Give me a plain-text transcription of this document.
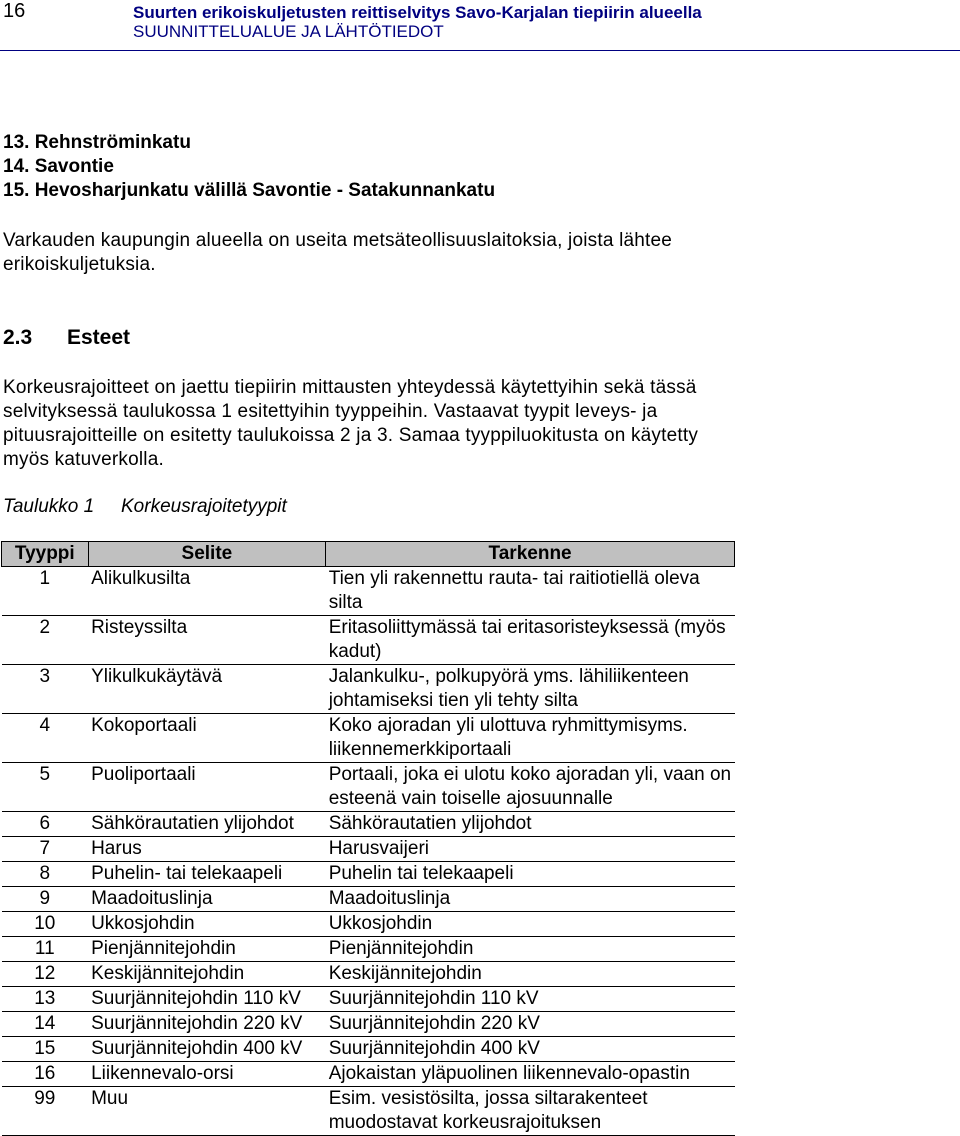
16	Suurten erikoiskuljetusten reittiselvitys Savo-Karjalan tiepiirin alueella
SUUNNITTELUALUE JA LÄHTÖTIEDOT
13. Rehnströminkatu
14. Savontie
15. Hevosharjunkatu välillä Savontie - Satakunnankatu

Varkauden kaupungin alueella on useita metsäteollisuuslaitoksia, joista lähtee erikoiskuljetuksia.

2.3 Esteet

Korkeusrajoitteet on jaettu tiepiirin mittausten yhteydessä käytettyihin sekä tässä selvityksessä taulukossa 1 esitettyihin tyyppeihin. Vastaavat tyypit leveys- ja pituusrajoitteille on esitetty taulukoissa 2 ja 3. Samaa tyyppiluokitusta on käytetty myös katuverkolla.

Taulukko 1 Korkeusrajoitetyypit
Tyyppi	Selite	Tarkenne
1	Alikulkusilta	Tien yli rakennettu rauta- tai raitiotiellä oleva silta
2	Risteyssilta	Eritasoliittymässä tai eritasoristeyksessä (myös kadut)
3	Ylikulkukäytävä	Jalankulku-, polkupyörä yms. lähiliikenteen johtamiseksi tien yli tehty silta
4	Kokoportaali	Koko ajoradan yli ulottuva ryhmittymisyms. liikennemerkkiportaali
5	Puoliportaali	Portaali, joka ei ulotu koko ajoradan yli, vaan on esteenä vain toiselle ajosuunnalle
6	Sähkörautatien ylijohdot	Sähkörautatien ylijohdot
7	Harus	Harusvaijeri
8	Puhelin- tai telekaapeli	Puhelin tai telekaapeli
9	Maadoituslinja	Maadoituslinja
10	Ukkosjohdin	Ukkosjohdin
11	Pienjännitejohdin	Pienjännitejohdin
12	Keskijännitejohdin	Keskijännitejohdin
13	Suurjännitejohdin 110 kV	Suurjännitejohdin 110 kV
14	Suurjännitejohdin 220 kV	Suurjännitejohdin 220 kV
15	Suurjännitejohdin 400 kV	Suurjännitejohdin 400 kV
16	Liikennevalo-orsi	Ajokaistan yläpuolinen liikennevalo-opastin
99	Muu	Esim. vesistösilta, jossa siltarakenteet muodostavat korkeusrajoituksen
